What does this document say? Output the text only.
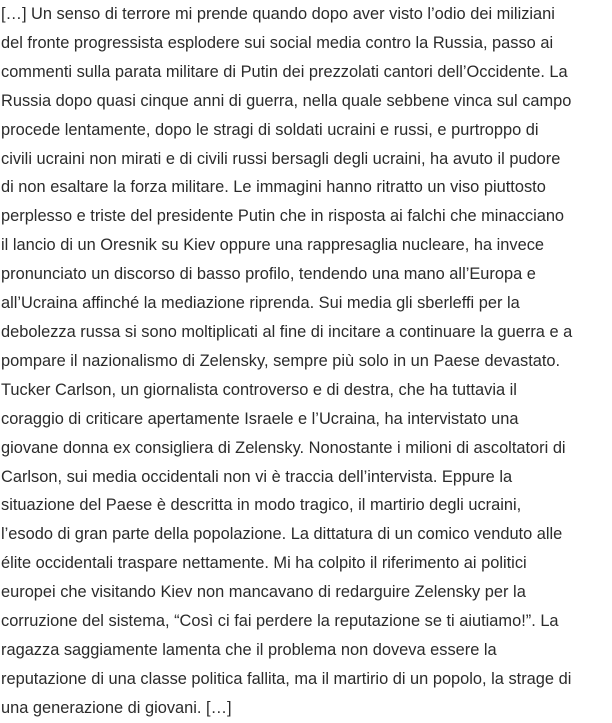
[…] Un senso di terrore mi prende quando dopo aver visto l’odio dei miliziani
del fronte progressista esplodere sui social media contro la Russia, passo ai
commenti sulla parata militare di Putin dei prezzolati cantori dell’Occidente. La
Russia dopo quasi cinque anni di guerra, nella quale sebbene vinca sul campo
procede lentamente, dopo le stragi di soldati ucraini e russi, e purtroppo di
civili ucraini non mirati e di civili russi bersagli degli ucraini, ha avuto il pudore
di non esaltare la forza militare. Le immagini hanno ritratto un viso piuttosto
perplesso e triste del presidente Putin che in risposta ai falchi che minacciano
il lancio di un Oresnik su Kiev oppure una rappresaglia nucleare, ha invece
pronunciato un discorso di basso profilo, tendendo una mano all’Europa e
all’Ucraina affinché la mediazione riprenda. Sui media gli sberleffi per la
debolezza russa si sono moltiplicati al fine di incitare a continuare la guerra e a
pompare il nazionalismo di Zelensky, sempre più solo in un Paese devastato.
Tucker Carlson, un giornalista controverso e di destra, che ha tuttavia il
coraggio di criticare apertamente Israele e l’Ucraina, ha intervistato una
giovane donna ex consigliera di Zelensky. Nonostante i milioni di ascoltatori di
Carlson, sui media occidentali non vi è traccia dell’intervista. Eppure la
situazione del Paese è descritta in modo tragico, il martirio degli ucraini,
l’esodo di gran parte della popolazione. La dittatura di un comico venduto alle
élite occidentali traspare nettamente. Mi ha colpito il riferimento ai politici
europei che visitando Kiev non mancavano di redarguire Zelensky per la
corruzione del sistema, “Così ci fai perdere la reputazione se ti aiutiamo!”. La
ragazza saggiamente lamenta che il problema non doveva essere la
reputazione di una classe politica fallita, ma il martirio di un popolo, la strage di
una generazione di giovani. […]
